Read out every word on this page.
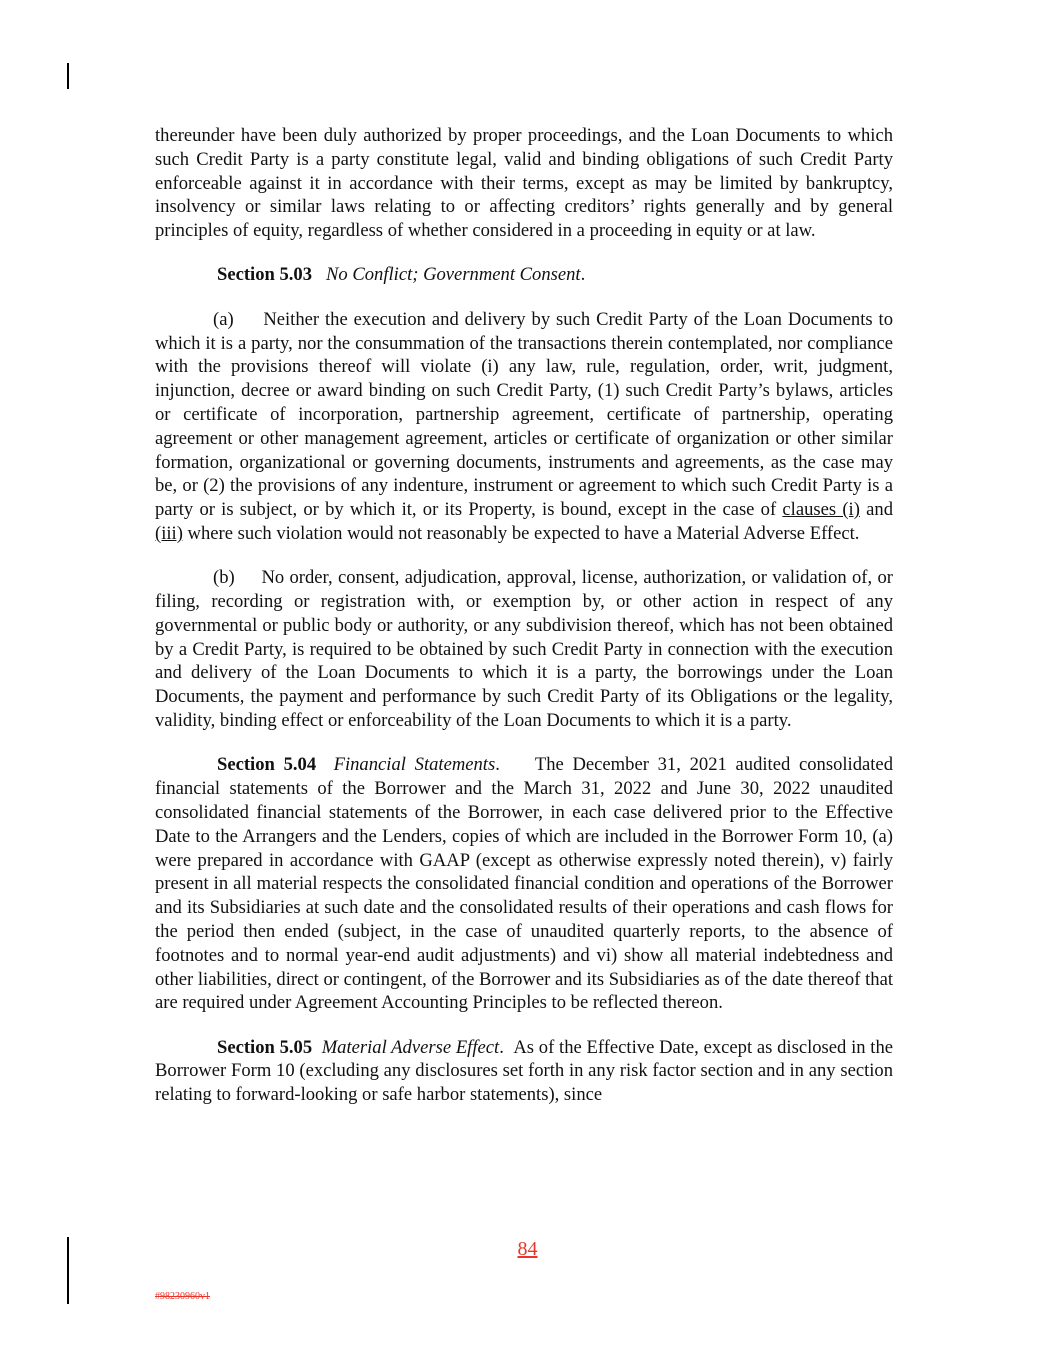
thereunder have been duly authorized by proper proceedings, and the Loan Documents to which such Credit Party is a party constitute legal, valid and binding obligations of such Credit Party enforceable against it in accordance with their terms, except as may be limited by bankruptcy, insolvency or similar laws relating to or affecting creditors’ rights generally and by general principles of equity, regardless of whether considered in a proceeding in equity or at law.

Section 5.03 No Conflict; Government Consent.

(a) Neither the execution and delivery by such Credit Party of the Loan Documents to which it is a party, nor the consummation of the transactions therein contemplated, nor compliance with the provisions thereof will violate (i) any law, rule, regulation, order, writ, judgment, injunction, decree or award binding on such Credit Party, (1) such Credit Party’s bylaws, articles or certificate of incorporation, partnership agreement, certificate of partnership, operating agreement or other management agreement, articles or certificate of organization or other similar formation, organizational or governing documents, instruments and agreements, as the case may be, or (2) the provisions of any indenture, instrument or agreement to which such Credit Party is a party or is subject, or by which it, or its Property, is bound, except in the case of clauses (i) and (iii) where such violation would not reasonably be expected to have a Material Adverse Effect.

(b) No order, consent, adjudication, approval, license, authorization, or validation of, or filing, recording or registration with, or exemption by, or other action in respect of any governmental or public body or authority, or any subdivision thereof, which has not been obtained by a Credit Party, is required to be obtained by such Credit Party in connection with the execution and delivery of the Loan Documents to which it is a party, the borrowings under the Loan Documents, the payment and performance by such Credit Party of its Obligations or the legality, validity, binding effect or enforceability of the Loan Documents to which it is a party.

Section 5.04 Financial Statements.    The December 31, 2021 audited consolidated financial statements of the Borrower and the March 31, 2022 and June 30, 2022 unaudited consolidated financial statements of the Borrower, in each case delivered prior to the Effective Date to the Arrangers and the Lenders, copies of which are included in the Borrower Form 10, (a) were prepared in accordance with GAAP (except as otherwise expressly noted therein), v) fairly present in all material respects the consolidated financial condition and operations of the Borrower and its Subsidiaries at such date and the consolidated results of their operations and cash flows for the period then ended (subject, in the case of unaudited quarterly reports, to the absence of footnotes and to normal year-end audit adjustments) and vi) show all material indebtedness and other liabilities, direct or contingent, of the Borrower and its Subsidiaries as of the date thereof that are required under Agreement Accounting Principles to be reflected thereon.

Section 5.05 Material Adverse Effect.  As of the Effective Date, except as disclosed in the Borrower Form 10 (excluding any disclosures set forth in any risk factor section and in any section relating to forward-looking or safe harbor statements), since

84
#98230960v1
